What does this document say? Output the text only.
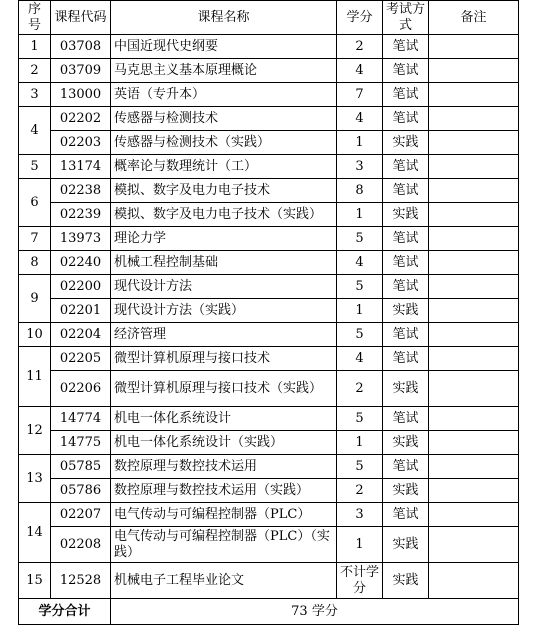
序号	课程代码	课程名称	学分	考试方式	备注
1	03708	中国近现代史纲要	2	笔试	
2	03709	马克思主义基本原理概论	4	笔试	
3	13000	英语（专升本）	7	笔试	
4	02202	传感器与检测技术	4	笔试	
	02203	传感器与检测技术（实践）	1	实践	
5	13174	概率论与数理统计（工）	3	笔试	
6	02238	模拟、数字及电力电子技术	8	笔试	
	02239	模拟、数字及电力电子技术（实践）	1	实践	
7	13973	理论力学	5	笔试	
8	02240	机械工程控制基础	4	笔试	
9	02200	现代设计方法	5	笔试	
	02201	现代设计方法（实践）	1	实践	
10	02204	经济管理	5	笔试	
11	02205	微型计算机原理与接口技术	4	笔试	
	02206	微型计算机原理与接口技术（实践）	2	实践	
12	14774	机电一体化系统设计	5	笔试	
	14775	机电一体化系统设计（实践）	1	实践	
13	05785	数控原理与数控技术运用	5	笔试	
	05786	数控原理与数控技术运用（实践）	2	实践	
14	02207	电气传动与可编程控制器（PLC）	3	笔试	
	02208	电气传动与可编程控制器（PLC）（实践）	1	实践	
15	12528	机械电子工程毕业论文	不计学分	实践	
学分合计		73 学分			
